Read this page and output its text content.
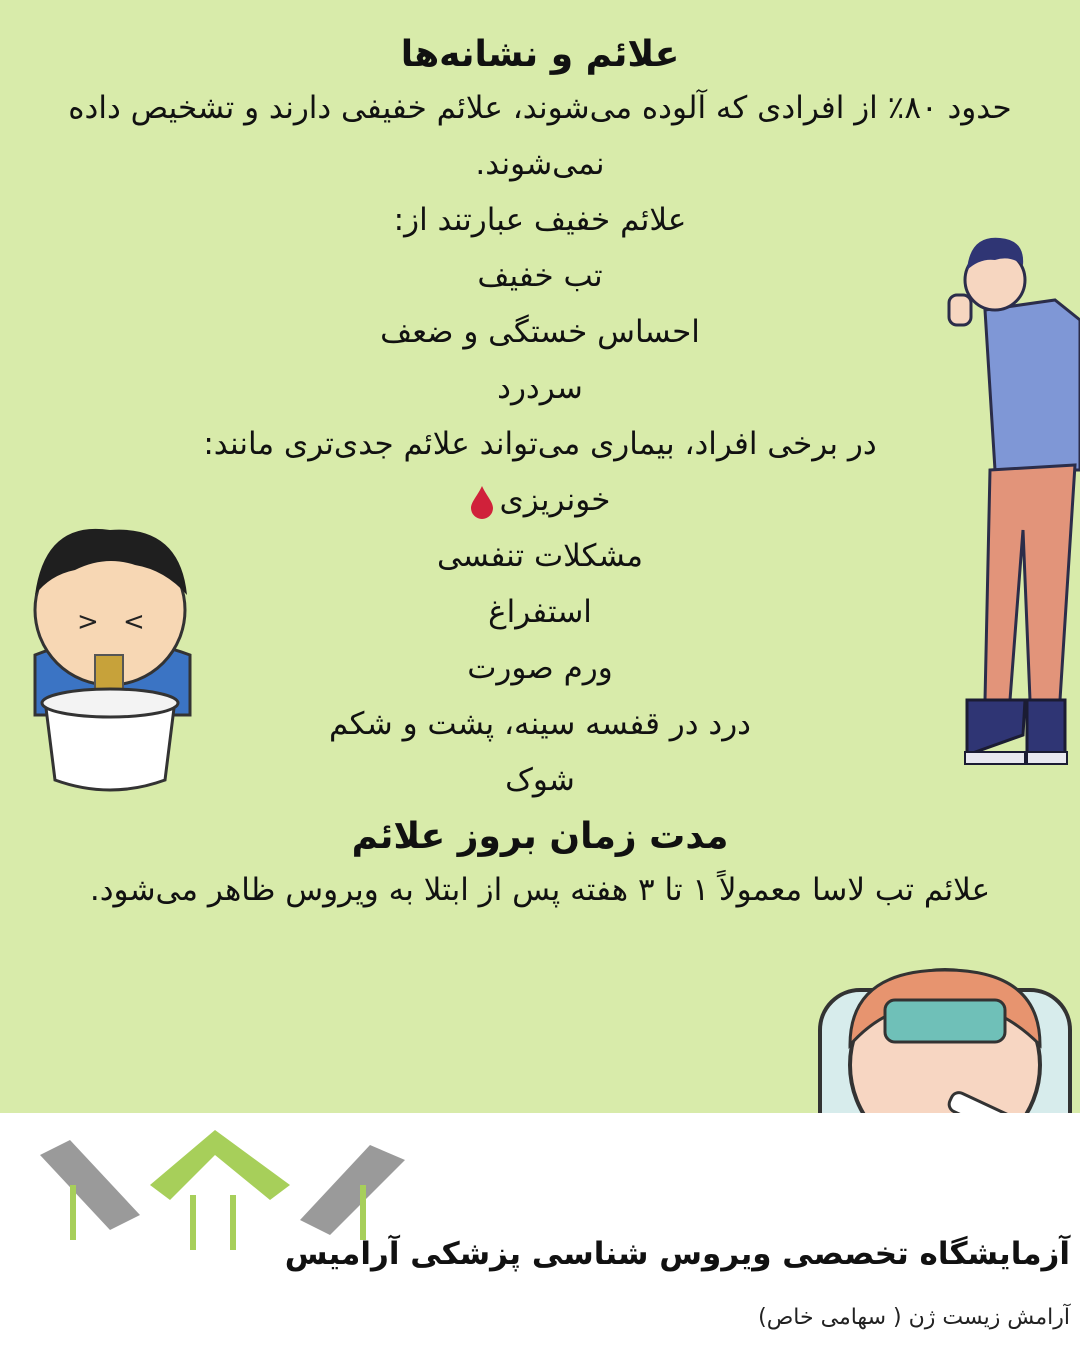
> <
علائم و نشانه‌ها

حدود ۸۰٪ از افرادی که آلوده می‌شوند، علائم خفیفی دارند و تشخیص داده نمی‌شوند.

علائم خفیف عبارتند از:

تب خفیف

احساس خستگی و ضعف

سردرد

در برخی افراد، بیماری می‌تواند علائم جدی‌تری مانند:

خونریزی

مشکلات تنفسی

استفراغ

ورم صورت

درد در قفسه سینه، پشت و شکم

شوک

مدت زمان بروز علائم

علائم تب لاسا معمولاً ۱ تا ۳ هفته پس از ابتلا به ویروس ظاهر می‌شود.

آزمایشگاه تخصصی ویروس شناسی پزشکی آرامیس
آرامش زیست ژن ( سهامی خاص)
